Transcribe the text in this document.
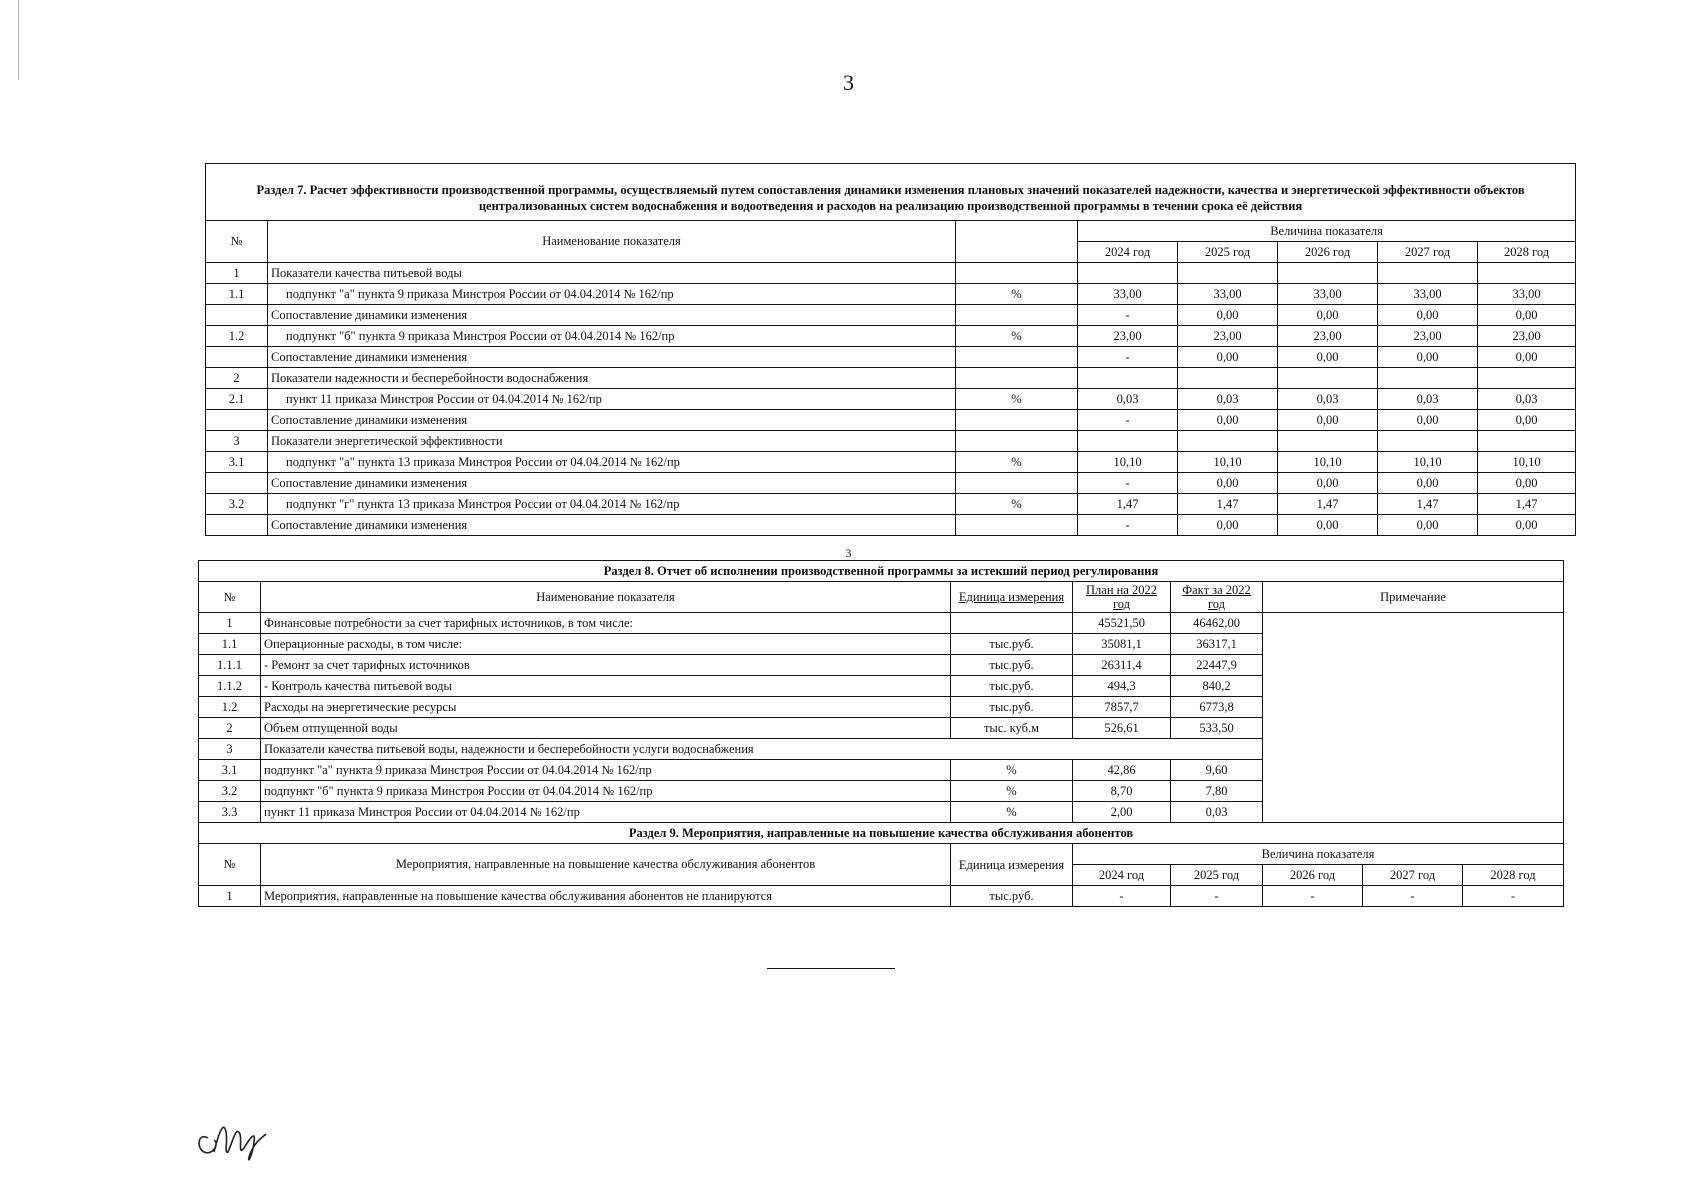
3
Раздел 7. Расчет эффективности производственной программы, осуществляемый путем сопоставления динамики изменения плановых значений показателей надежности, качества и энергетической эффективности объектов централизованных систем водоснабжения и водоотведения и расходов на реализацию производственной программы в течении срока её действия							
№	Наименование показателя		Величина показателя				
			2024 год	2025 год	2026 год	2027 год	2028 год
1	Показатели качества питьевой воды						
1.1	подпункт "а" пункта 9 приказа Минстроя России от 04.04.2014 № 162/пр	%	33,00	33,00	33,00	33,00	33,00
	Сопоставление динамики изменения		-	0,00	0,00	0,00	0,00
1.2	подпункт "б" пункта 9 приказа Минстроя России от 04.04.2014 № 162/пр	%	23,00	23,00	23,00	23,00	23,00
	Сопоставление динамики изменения		-	0,00	0,00	0,00	0,00
2	Показатели надежности и бесперебойности водоснабжения						
2.1	пункт 11 приказа Минстроя России от 04.04.2014 № 162/пр	%	0,03	0,03	0,03	0,03	0,03
	Сопоставление динамики изменения		-	0,00	0,00	0,00	0,00
3	Показатели энергетической эффективности						
3.1	подпункт "а" пункта 13 приказа Минстроя России от 04.04.2014 № 162/пр	%	10,10	10,10	10,10	10,10	10,10
	Сопоставление динамики изменения		-	0,00	0,00	0,00	0,00
3.2	подпункт "г" пункта 13 приказа Минстроя России от 04.04.2014 № 162/пр	%	1,47	1,47	1,47	1,47	1,47
	Сопоставление динамики изменения		-	0,00	0,00	0,00	0,00
3
Раздел 8. Отчет об исполнении производственной программы за истекший период регулирования					
№	Наименование показателя	Единица измерения	План на 2022 год	Факт за 2022 год	Примечание
1	Финансовые потребности за счет тарифных источников, в том числе:		45521,50	46462,00	
1.1	Операционные расходы, в том числе:	тыс.руб.	35081,1	36317,1	
1.1.1	- Ремонт за счет тарифных источников	тыс.руб.	26311,4	22447,9	
1.1.2	- Контроль качества питьевой воды	тыс.руб.	494,3	840,2	
1.2	Расходы на энергетические ресурсы	тыс.руб.	7857,7	6773,8	
2	Объем отпущенной воды	тыс. куб.м	526,61	533,50	
3	Показатели качества питьевой воды, надежности и бесперебойности услуги водоснабжения				
3.1	подпункт "а" пункта 9 приказа Минстроя России от 04.04.2014 № 162/пр	%	42,86	9,60	
3.2	подпункт "б" пункта 9 приказа Минстроя России от 04.04.2014 № 162/пр	%	8,70	7,80	
3.3	пункт 11 приказа Минстроя России от 04.04.2014 № 162/пр	%	2,00	0,03	
Раздел 9. Мероприятия, направленные на повышение качества обслуживания абонентов							
№	Мероприятия, направленные на повышение качества обслуживания абонентов	Единица измерения	Величина показателя				
			2024 год	2025 год	2026 год	2027 год	2028 год
1	Мероприятия, направленные на повышение качества обслуживания абонентов не планируются	тыс.руб.	-	-	-	-	-
